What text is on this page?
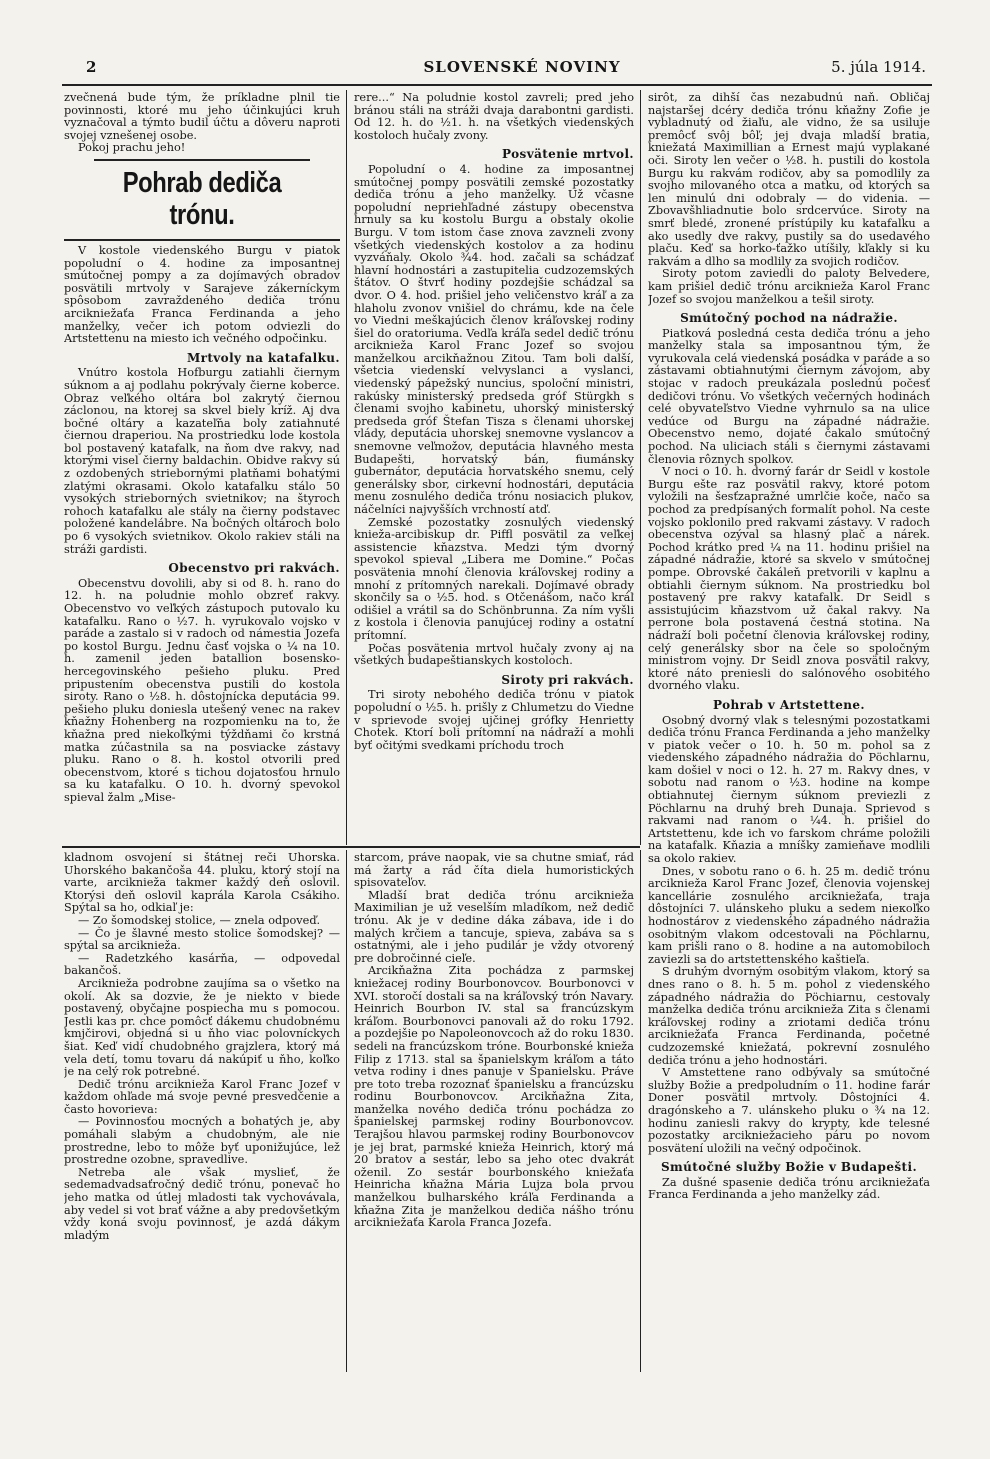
2	SLOVENSKÉ NOVINY	5. júla 1914.

zvečnená bude tým, že príkladne plnil tie povinnosti, ktoré mu jeho účinkujúci kruh vyznačoval a týmto budil účtu a dôveru naproti svojej vznešenej osobe.

Pokoj prachu jeho!

Pohrab dediča trónu.

V kostole viedenského Burgu v piatok popoludní o 4. hodine za imposantnej smútočnej pompy a za dojímavých obradov posvätili mrtvoly v Sarajeve zákerníckym spôsobom zavraždeného dediča trónu arcikniežaťa Franca Ferdinanda a jeho manželky, večer ich potom odviezli do Artstettenu na miesto ich večného odpočinku.

Mrtvoly na katafalku.

Vnútro kostola Hofburgu zatiahli čiernym súknom a aj podlahu pokrývaly čierne koberce. Obraz veľkého oltára bol zakrytý čiernou záclonou, na ktorej sa skvel biely kríž. Aj dva bočné oltáry a kazateľňa boly zatiahnuté čiernou draperiou. Na prostriedku lode kostola bol postavený katafalk, na ňom dve rakvy, nad ktorými visel čierny baldachin. Obidve rakvy sú z ozdobených striebornými platňami bohatými zlatými okrasami. Okolo katafalku stálo 50 vysokých strieborných svietnikov; na štyroch rohoch katafalku ale stály na čierny podstavec položené kandelábre. Na bočných oltároch bolo po 6 vysokých svietnikov. Okolo rakiev stáli na stráži gardisti.

Obecenstvo pri rakvách.

Obecenstvu dovolili, aby si od 8. h. rano do 12. h. na poludnie mohlo obzreť rakvy. Obecenstvo vo veľkých zástupoch putovalo ku katafalku. Rano o ½7. h. vyrukovalo vojsko v paráde a zastalo si v radoch od námestia Jozefa po kostol Burgu. Jednu časť vojska o ¼ na 10. h. zamenil jeden batallion bosensko-hercegovinského pešieho pluku. Pred pripustením obecenstva pustili do kostola siroty. Rano o ½8. h. dôstojnícka deputácia 99. pešieho pluku doniesla utešený venec na rakev kňažny Hohenberg na rozpomienku na to, že kňažna pred niekoľkými týždňami čo krstná matka zúčastnila sa na posviacke zástavy pluku. Rano o 8. h. kostol otvorili pred obecenstvom, ktoré s tichou dojatosťou hrnulo sa ku katafalku. O 10. h. dvorný spevokol spieval žalm „Mise-

rere...“ Na poludnie kostol zavreli; pred jeho bránou stáli na stráži dvaja darabontni gardisti. Od 12. h. do ½1. h. na všetkých viedenských kostoloch hučaly zvony.

Posvätenie mrtvol.

Popoludní o 4. hodine za imposantnej smútočnej pompy posvätili zemské pozostatky dediča trónu a jeho manželky. Už včasne popoludní nepriehľadné zástupy obecenstva hrnuly sa ku kostolu Burgu a obstaly okolie Burgu. V tom istom čase znova zavzneli zvony všetkých viedenských kostolov a za hodinu vyzváňaly. Okolo ¾4. hod. začali sa schádzať hlavní hodnostári a zastupitelia cudzozemských štátov. O štvrť hodiny pozdejšie schádzal sa dvor. O 4. hod. prišiel jeho veličenstvo kráľ a za hlaholu zvonov vnišiel do chrámu, kde na čele vo Viedni meškajúcich členov kráľovskej rodiny šiel do oratoriuma. Vedľa kráľa sedel dedič trónu arcikniežа Karol Franc Jozef so svojou manželkou arcikňažnou Zitou. Tam boli další, všetcia viedenskí velvyslanci a vyslanci, viedenský pápežský nuncius, spoloční ministri, rakúsky ministerský predseda gróf Stürgkh s členami svojho kabinetu, uhorský ministerský predseda gróf Štefan Tisza s členami uhorskej vlády, deputácia uhorskej snemovne vyslancov a snemovne veľmožov, deputácia hlavného mesta Budapešti, horvatský bán, fiumánsky gubernátor, deputácia horvatského snemu, celý generálsky sbor, cirkevní hodnostári, deputácia menu zosnulého dediča trónu nosiacich plukov, náčelníci najvyšších vrchností atď.

Zemské pozostatky zosnulých viedenský kniežа-arcibiskup dr. Piffl posvätil za veľkej assistencie kňazstva. Medzi tým dvorný spevokol spieval „Libera me Domine.“ Počas posvätenia mnohí členovia kráľovskej rodiny a mnohí z prítomných narekali. Dojímavé obrady skončily sa o ½5. hod. s Otčenášom, načo kráľ odišiel a vrátil sa do Schönbrunna. Za ním vyšli z kostola i členovia panujúcej rodiny a ostatní prítomní.

Počas posvätenia mrtvol hučaly zvony aj na všetkých budapeštianskych kostoloch.

Siroty pri rakvách.

Tri siroty nebohého dediča trónu v piatok popoludní o ½5. h. prišly z Chlumetzu do Viedne v sprievode svojej ujčinej grófky Henrietty Chotek. Ktorí boli prítomní na nádraží a mohli byť očitými svedkami príchodu troch

sirôt, za dihší čas nezabudnú naň. Obličaj najstaršej dcéry dediča trónu kňažny Zofie je vybladnutý od žiaľu, ale vidno, že sa usiluje premôcť svôj bôľ; jej dvaja mladší bratia, kniežatá Maximillian a Ernest majú vyplakané oči. Siroty len večer o ½8. h. pustili do kostola Burgu ku rakvám rodičov, aby sa pomodlily za svojho milovaného otca a matku, od ktorých sa len minulú dni odobraly — do videnia. — Zbovavšhliadnutie bolo srdcervúce. Siroty na smrť bledé, zronené prístúpily ku katafalku a ako usedly dve rakvy, pustily sa do usedavého plaču. Keď sa horko-ťažko utíšily, kľakly si ku rakvám a dlho sa modlily za svojich rodičov.

Siroty potom zaviedli do paloty Belvedere, kam prišiel dedič trónu arcikniežа Karol Franc Jozef so svojou manželkou a tešil siroty.

Smútočný pochod na nádražie.

Piatková posledná cesta dediča trónu a jeho manželky stala sa imposantnou tým, že vyrukovala celá viedenská posádka v paráde a so zástavami obtiahnutými čiernym závojom, aby stojac v radoch preukázala poslednú počesť dedičovi trónu. Vo všetkých večerných hodinách celé obyvateľstvo Viedne vyhrnulo sa na ulice vedúce od Burgu na západné nádražie. Obecenstvo nemo, dojaté čakalo smútočný pochod. Na uliciach stáli s čiernymi zástavami členovia rôznych spolkov.

V noci o 10. h. dvorný farár dr Seidl v kostole Burgu ešte raz posvätil rakvy, ktoré potom vyložili na šesťzapražné umrlčie koče, načo sa pochod za predpísaných formalít pohol. Na ceste vojsko poklonilo pred rakvami zástavy. V radoch obecenstva ozýval sa hlasný plač a nárek. Pochod krátko pred ¼ na 11. hodinu prišiel na západné nádražie, ktoré sa skvelo v smútočnej pompe. Obrovské čakáleň pretvorili v kaplnu a obtiahli čiernym súknom. Na prostriedku bol postavený pre rakvy katafalk. Dr Seidl s assistujúcim kňazstvom už čakal rakvy. Na perrone bola postavená čestná stotina. Na nádraží boli početní členovia kráľovskej rodiny, celý generálsky sbor na čele so spoločným ministrom vojny. Dr Seidl znova posvätil rakvy, ktoré náto preniesli do salónového osobitého dvorného vlaku.

Pohrab v Artstettene.

Osobný dvorný vlak s telesnými pozostatkami dediča trónu Franca Ferdinanda a jeho manželky v piatok večer o 10. h. 50 m. pohol sa z viedenského západného nádražia do Pöchlarnu, kam došiel v noci o 12. h. 27 m. Rakvy dnes, v sobotu nad ranom o ½3. hodine na kompe obtiahnutej čiernym súknom previezli z Pöchlarnu na druhý breh Dunaja. Sprievod s rakvami nad ranom o ¼4. h. prišiel do Artstettenu, kde ich vo farskom chráme položili na katafalk. Kňazia a mníšky zamieňave modlili sa okolo rakiev.

Dnes, v sobotu rano o 6. h. 25 m. dedič trónu arcikniežа Karol Franc Jozef, členovia vojenskej kancellárie zosnulého arcikniežаťa, traja dôstojníci 7. ulánskeho pluku a sedem nieкoľko hodnostárov z viedenského západného nádražia osobitným vlakom odcestovali na Pöchlarnu, kam prišli rano o 8. hodine a na automobiloch zaviezli sa do artstettenského kaštieľa.

S druhým dvorným osobitým vlakom, ktorý sa dnes rano o 8. h. 5 m. pohol z viedenského západného nádražia do Pöchiarnu, cestovaly manželka dediča trónu arcikniežа Zita s členami kráľovskej rodiny a zriotami dediča trónu arcikniežаťa Franca Ferdinanda, početné cudzozemské kniežatá, pokrevní zosnulého dediča trónu a jeho hodnostári.

V Amstettene rano odbývaly sa smútočné služby Božie a predpoludním o 11. hodine farár Doner posvätil mrtvoly. Dôstojníci 4. dragónskeho a 7. ulánskeho pluku o ¾ na 12. hodinu zaniesli rakvy do krypty, kde telesné pozostatky arcikniežacieho páru po novom posvätení uložili na večný odpočinok.

Smútočné služby Božie v Budapešti.

Za dušné spasenie dediča trónu arcikniežаťa Franca Ferdinanda a jeho manželky zád.

kladnom osvojení si štátnej reči Uhorska. Uhorského bakančoša 44. pluku, ktorý stojí na varte, arcikniežа takmer každý deň oslovil. Ktorýsi deň oslovil kaprála Karola Csákiho. Spýtal sa ho, odkiaľ je:

— Zo šomodskej stolice, — znela odpoveď.

— Čo je šlavné mesto stolice šomodskej? — spýtal sa arcikniežа.

— Radetzkého kasárňa, — odpovedal bakančoš.

Arcikniežа podrobne zaujíma sa o všetko na okolí. Ak sa dozvie, že je niekto v biede postavený, obyčajne pospiecha mu s pomocou. Jestli kaз pr. chce pomôcť dákemu chudobnému kmjčirovi, objedná si u ňho viac polovníckych šiat. Keď vidí chudobného grajzlera, ktorý má vela detí, tomu tovaru dá nakúpiť u ňho, koľko je na celý rok potrebné.

Dedič trónu arcikniežа Karol Franc Jozef v každom ohľade má svoje pevné presvedčenie a často hovorieva:

— Povinnosťou mocných a bohatých je, aby pomáhali slabým a chudobným, ale nie prostredne, lebo to môže byť uponižujúce, lež prostredne ozobne, spravedlive.

Netreba ale však myslieť, že sedemadvadsaťročný dedič trónu, ponevač ho jeho matka od útlej mladosti tak vychovávala, aby vedel si vot brať vážne a aby predovšetkým vždy koná svoju povinnosť, je azdá dákym mladým

starcom, práve naopak, vie sa chutne smiať, rád má žarty a rád číta diela humoristických spisovateľov.

Mladší brat dediča trónu arcikniežа Maximilian je už veselším mladíkom, než dedič trónu. Ak je v dedine dáka zábava, ide i do malých krčiem a tancuje, spieva, zabáva sa s ostatnými, ale i jeho pudilár je vždy otvorený pre dobročinné cieľe.

Arcikňažna Zita pochádza z parmskej kniežacej rodiny Bourbonovcov. Bourbonovci v XVI. storočí dostali sa na kráľovský trón Navary. Heinrich Bourbon IV. stal sa francúzskym kráľom. Bourbonovci panovali až do roku 1792. a pozdejšie po Napoleonovcoch až do roku 1830. sedeli na francúzskom tróne. Bourbonské knieža Filip z 1713. stal sa španielskym kráľom a táto vetva rodiny i dnes panuje v Španielsku. Práve pre toto treba rozoznať španielsku a francúzsku rodinu Bourbonovcov. Arcikňažna Zita, manželka nového dediča trónu pochádza zo španielskej parmskej rodiny Bourbonovcov. Terajšou hlavou parmskej rodiny Bourbonovcov je jej brat, parmské knieža Heinrich, ktorý má 20 bratov a sestár, lebo sa jeho otec dvakrát oženil. Zo sestár bourbonského kniežaťa Heinricha kňažna Mária Lujza bola prvou manželkou bulharského kráľa Ferdinanda a kňažna Zita je manželkou dediča nášho trónu arcikniežаťa Karola Franca Jozefa.
